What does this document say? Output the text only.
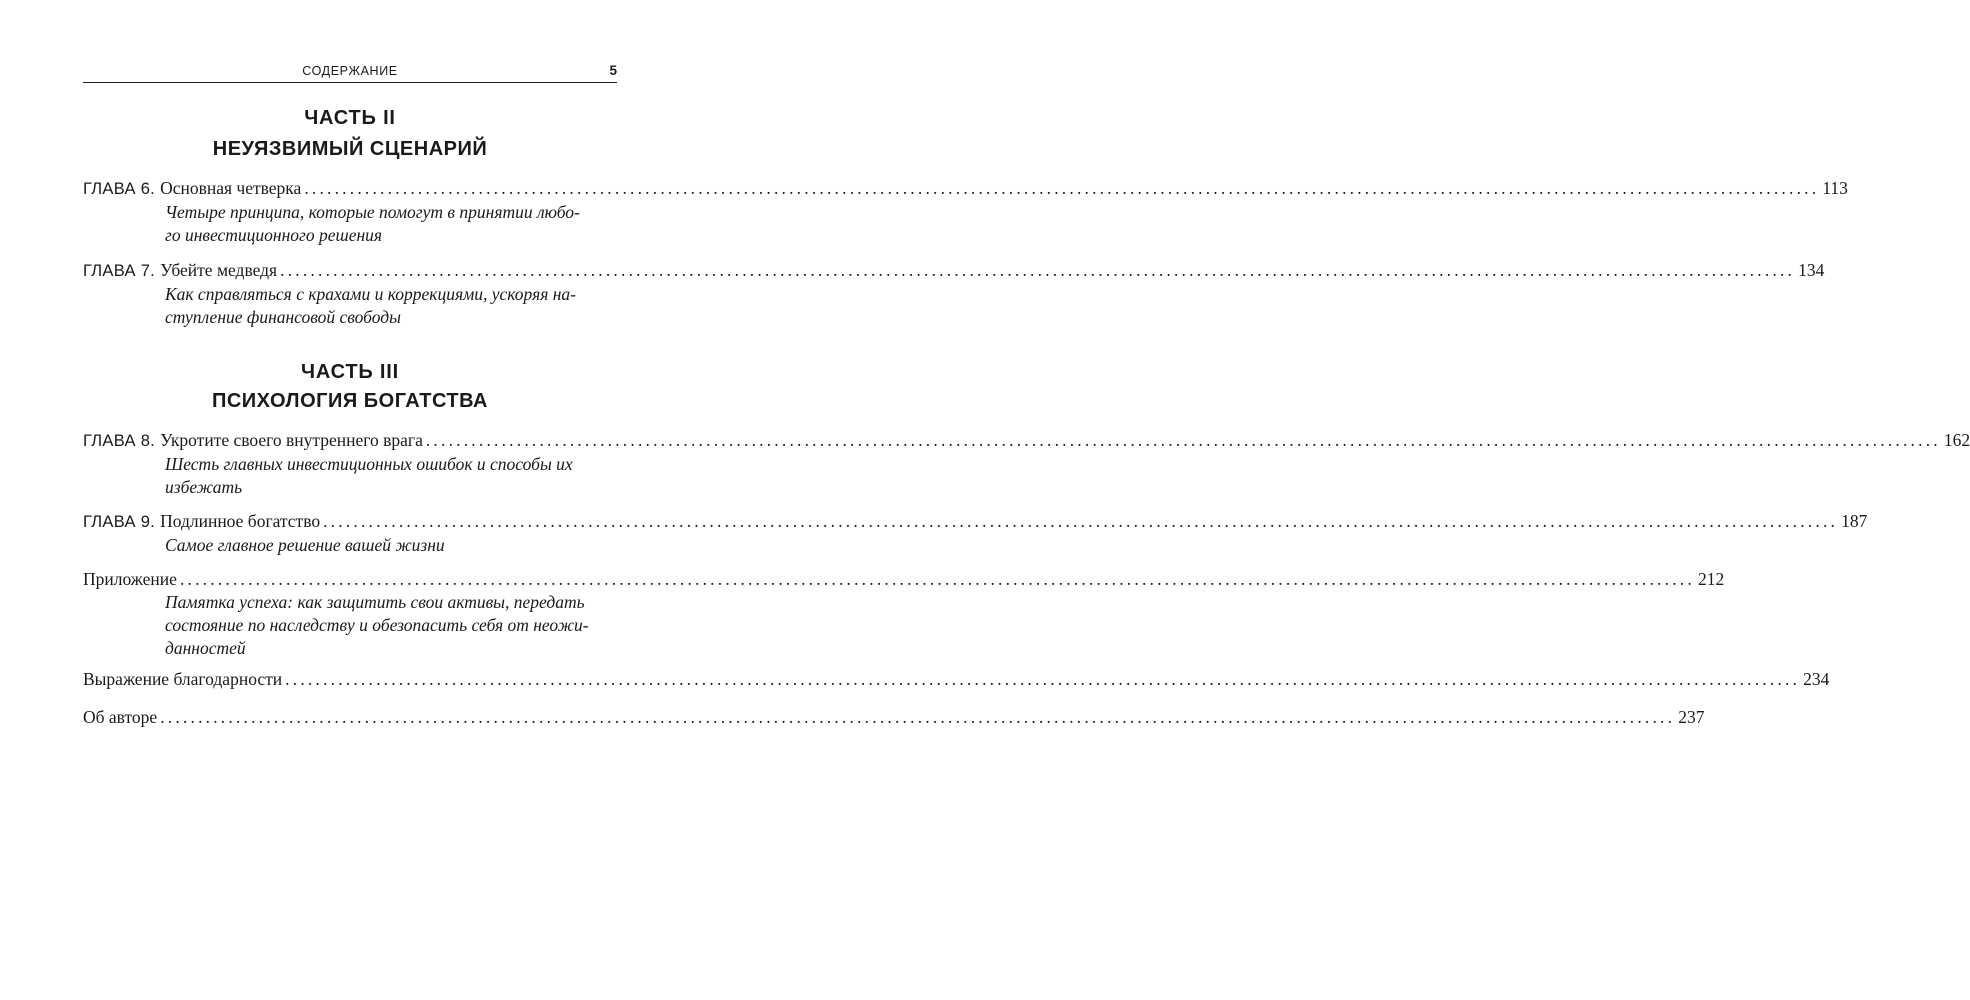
СОДЕРЖАНИЕ	5
ЧАСТЬ II
НЕУЯЗВИМЫЙ СЦЕНАРИЙ
ГЛАВА 6. Основная четверка ........................................................................................................................................................................................................ 113
Четыре принципа, которые помогут в принятии любо-
го инвестиционного решения
ГЛАВА 7. Убейте медведя ........................................................................................................................................................................................................ 134
Как справляться с крахами и коррекциями, ускоряя на-
ступление финансовой свободы
ЧАСТЬ III
ПСИХОЛОГИЯ БОГАТСТВА
ГЛАВА 8. Укротите своего внутреннего врага ........................................................................................................................................................................................................ 162
Шесть главных инвестиционных ошибок и способы их
избежать
ГЛАВА 9. Подлинное богатство ........................................................................................................................................................................................................ 187
Самое главное решение вашей жизни
Приложение ........................................................................................................................................................................................................ 212
Памятка успеха: как защитить свои активы, передать
состояние по наследству и обезопасить себя от неожи-
данностей
Выражение благодарности ........................................................................................................................................................................................................ 234
Об авторе ........................................................................................................................................................................................................ 237
